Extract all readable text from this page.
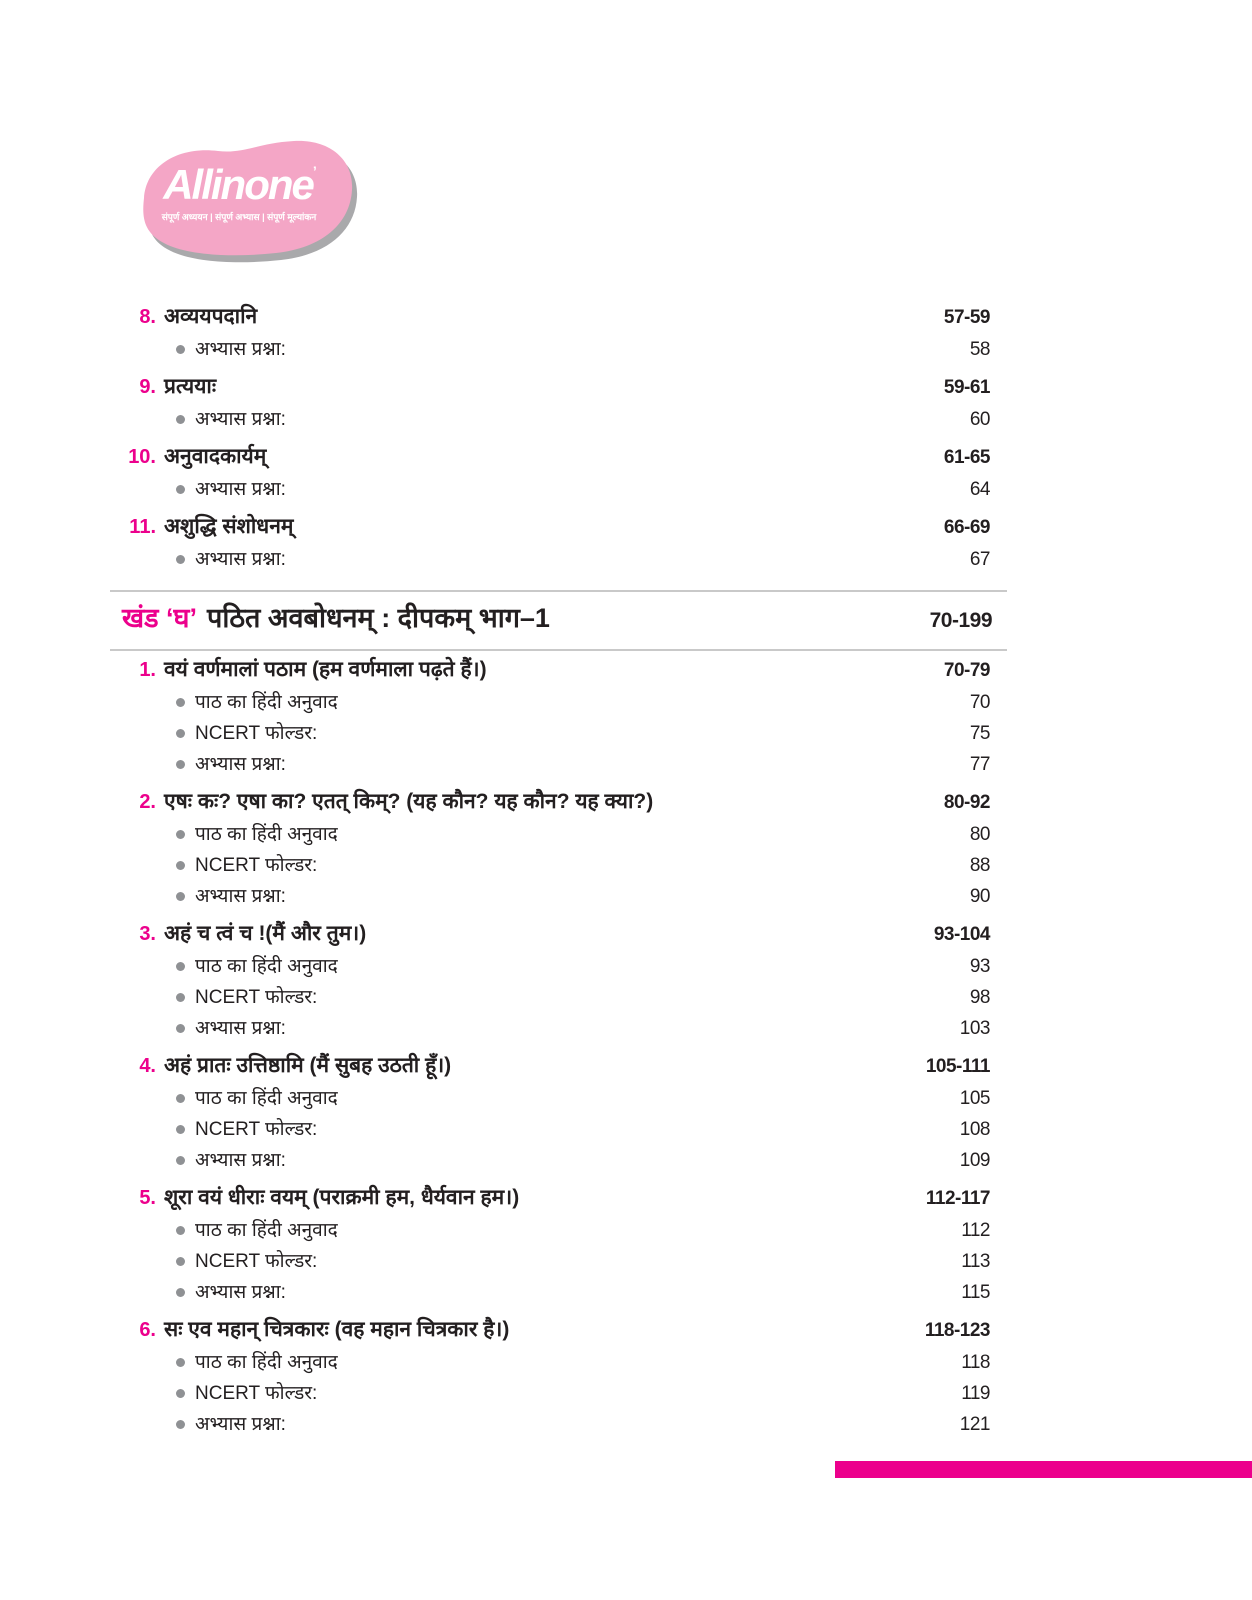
Allinone’
संपूर्ण अध्ययन | संपूर्ण अभ्यास | संपूर्ण मूल्यांकन
8. अव्ययपदानि	57-59
अभ्यास प्रश्ना:	58
9. प्रत्ययाः	59-61
अभ्यास प्रश्ना:	60
10. अनुवादकार्यम्	61-65
अभ्यास प्रश्ना:	64
11. अशुद्धि संशोधनम्	66-69
अभ्यास प्रश्ना:	67
खंड ‘घ’ पठित अवबोधनम् : दीपकम् भाग–1	70-199
1. वयं वर्णमालां पठाम (हम वर्णमाला पढ़ते हैं।)	70-79
पाठ का हिंदी अनुवाद	70
NCERT फोल्डर:	75
अभ्यास प्रश्ना:	77
2. एषः कः? एषा का? एतत् किम्? (यह कौन? यह कौन? यह क्या?)	80-92
पाठ का हिंदी अनुवाद	80
NCERT फोल्डर:	88
अभ्यास प्रश्ना:	90
3. अहं च त्वं च !(मैं और तुम।)	93-104
पाठ का हिंदी अनुवाद	93
NCERT फोल्डर:	98
अभ्यास प्रश्ना:	103
4. अहं प्रातः उत्तिष्ठामि (मैं सुबह उठती हूँ।)	105-111
पाठ का हिंदी अनुवाद	105
NCERT फोल्डर:	108
अभ्यास प्रश्ना:	109
5. शूरा वयं धीराः वयम् (पराक्रमी हम, धैर्यवान हम।)	112-117
पाठ का हिंदी अनुवाद	112
NCERT फोल्डर:	113
अभ्यास प्रश्ना:	115
6. सः एव महान् चित्रकारः (वह महान चित्रकार है।)	118-123
पाठ का हिंदी अनुवाद	118
NCERT फोल्डर:	119
अभ्यास प्रश्ना:	121
